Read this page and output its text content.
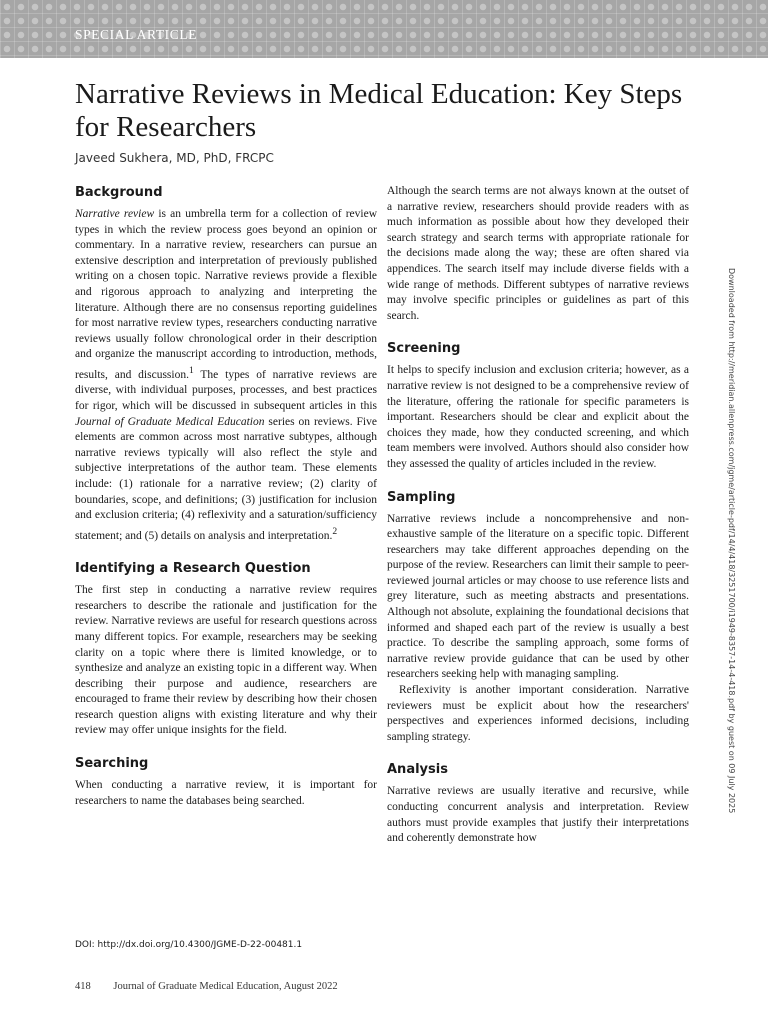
SPECIAL ARTICLE
Narrative Reviews in Medical Education: Key Steps for Researchers
Javeed Sukhera, MD, PhD, FRCPC
Background

Narrative review is an umbrella term for a collection of review types in which the review process goes beyond an opinion or commentary. In a narrative review, researchers can pursue an extensive description and interpretation of previously published writing on a chosen topic. Narrative reviews provide a flexible and rigorous approach to analyzing and interpreting the literature. Although there are no consensus reporting guidelines for most narrative review types, researchers conducting narrative reviews usually follow chronological order in their description and organize the manuscript according to introduction, methods, results, and discussion.$^1$ The types of narrative reviews are diverse, with individual purposes, processes, and best practices for rigor, which will be discussed in subsequent articles in this Journal of Graduate Medical Education series on reviews. Five elements are common across most narrative subtypes, although narrative reviews typically will also reflect the style and subjective interpretations of the author team. These elements include: (1) rationale for a narrative review; (2) clarity of boundaries, scope, and definitions; (3) justification for inclusion and exclusion criteria; (4) reflexivity and a saturation/sufficiency statement; and (5) details on analysis and interpretation.$^2$

Identifying a Research Question

The first step in conducting a narrative review requires researchers to describe the rationale and justification for the review. Narrative reviews are useful for research questions across many different topics. For example, researchers may be seeking clarity on a topic where there is limited knowledge, or to synthesize and analyze an existing topic in a different way. When describing their purpose and audience, researchers are encouraged to frame their review by describing how their chosen research question aligns with existing literature and why their review may offer unique insights for the field.

Searching

When conducting a narrative review, it is important for researchers to name the databases being searched.

Although the search terms are not always known at the outset of a narrative review, researchers should provide readers with as much information as possible about how they developed their search strategy and search terms with appropriate rationale for the decisions made along the way; these are often shared via appendices. The search itself may include diverse fields with a wide range of methods. Different subtypes of narrative reviews may involve specific principles or guidelines as part of this search.

Screening

It helps to specify inclusion and exclusion criteria; however, as a narrative review is not designed to be a comprehensive review of the literature, offering the rationale for specific parameters is important. Researchers should be clear and explicit about the choices they made, how they conducted screening, and which team members were involved. Authors should also consider how they assessed the quality of articles included in the review.

Sampling

Narrative reviews include a noncomprehensive and non-exhaustive sample of the literature on a specific topic. Different researchers may take different approaches depending on the purpose of the review. Researchers can limit their sample to peer-reviewed journal articles or may choose to use reference lists and grey literature, such as meeting abstracts and presentations. Although not absolute, explaining the foundational decisions that informed and shaped each part of the review is usually a best practice. To describe the sampling approach, some forms of narrative review provide guidance that can be used by other researchers seeking help with managing sampling.

Reflexivity is another important consideration. Narrative reviewers must be explicit about how the researchers' perspectives and experiences informed decisions, including sampling strategy.

Analysis

Narrative reviews are usually iterative and recursive, while conducting concurrent analysis and interpretation. Review authors must provide examples that justify their interpretations and coherently demonstrate how

DOI: http://dx.doi.org/10.4300/JGME-D-22-00481.1
418 Journal of Graduate Medical Education, August 2022
Downloaded from http://meridian.allenpress.com/jgme/article-pdf/14/4/418/3251700/i1949-8357-14-4-418.pdf by guest on 09 July 2025
